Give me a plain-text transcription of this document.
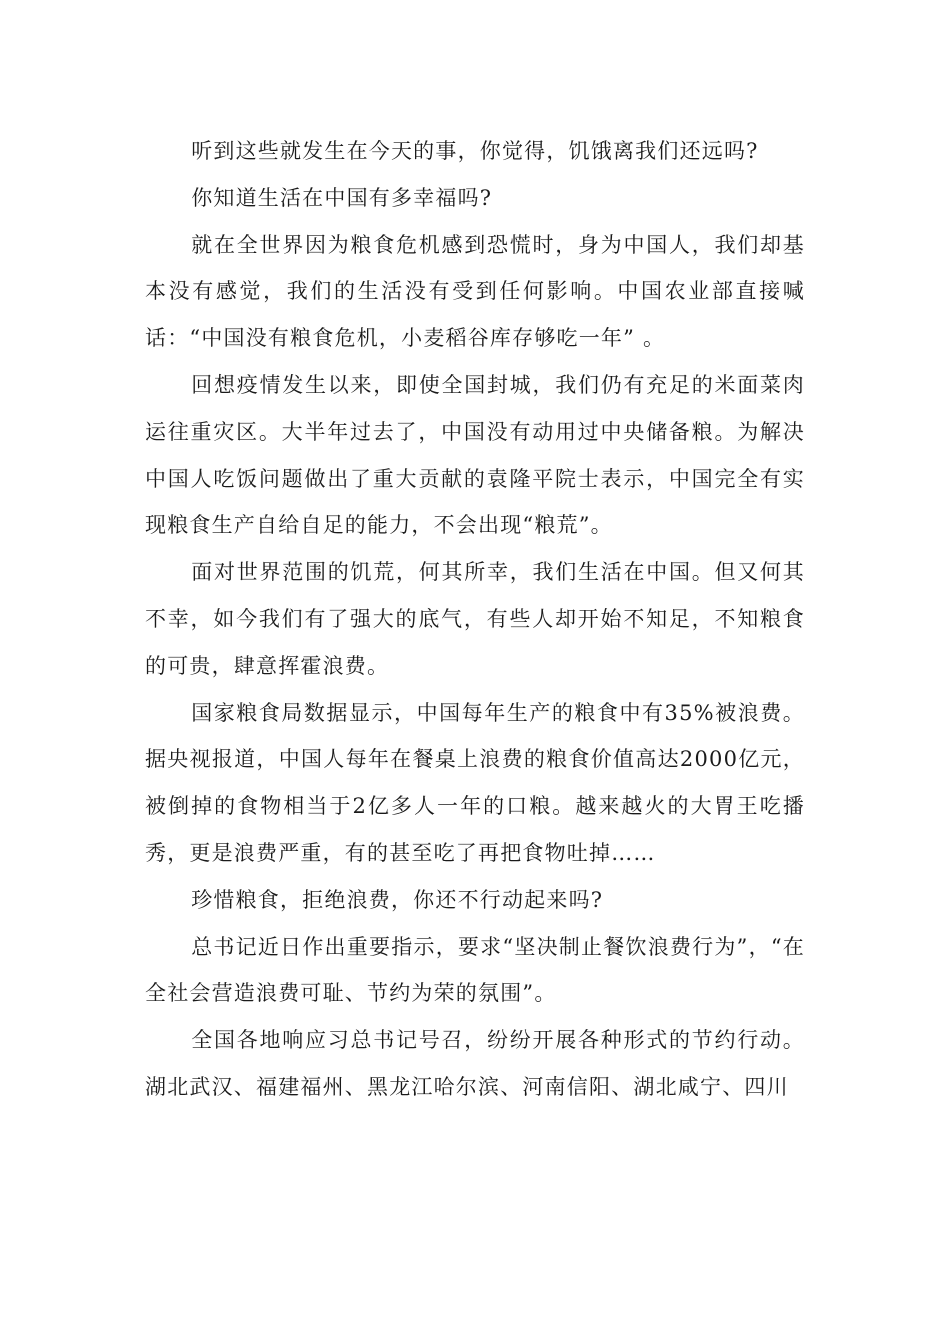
听到这些就发生在今天的事，你觉得，饥饿离我们还远吗?

你知道生活在中国有多幸福吗?

就在全世界因为粮食危机感到恐慌时，身为中国人，我们却基本没有感觉，我们的生活没有受到任何影响。中国农业部直接喊话：“中国没有粮食危机，小麦稻谷库存够吃一年” 。

回想疫情发生以来，即使全国封城，我们仍有充足的米面菜肉运往重灾区。大半年过去了，中国没有动用过中央储备粮。为解决中国人吃饭问题做出了重大贡献的袁隆平院士表示，中国完全有实现粮食生产自给自足的能力，不会出现“粮荒”。

面对世界范围的饥荒，何其所幸，我们生活在中国。但又何其不幸，如今我们有了强大的底气，有些人却开始不知足，不知粮食的可贵，肆意挥霍浪费。

国家粮食局数据显示，中国每年生产的粮食中有35%被浪费。据央视报道，中国人每年在餐桌上浪费的粮食价值高达2000亿元，被倒掉的食物相当于2亿多人一年的口粮。越来越火的大胃王吃播秀，更是浪费严重，有的甚至吃了再把食物吐掉……

珍惜粮食，拒绝浪费，你还不行动起来吗?

总书记近日作出重要指示，要求“坚决制止餐饮浪费行为”，“在全社会营造浪费可耻、节约为荣的氛围”。

全国各地响应习总书记号召，纷纷开展各种形式的节约行动。湖北武汉、福建福州、黑龙江哈尔滨、河南信阳、湖北咸宁、四川
